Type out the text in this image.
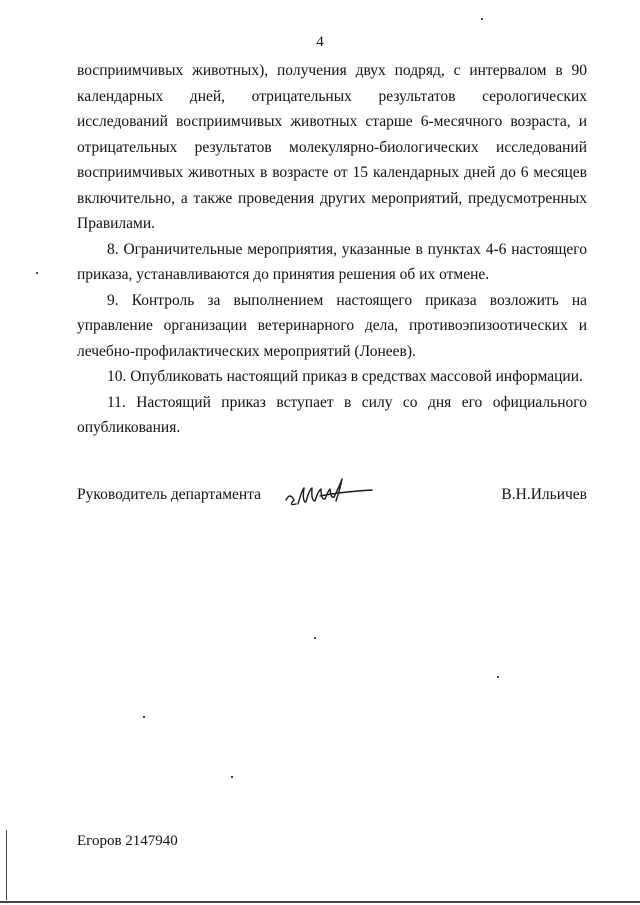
4

восприимчивых животных), получения двух подряд, с интервалом в 90 календарных дней, отрицательных результатов серологических исследований восприимчивых животных старше 6-месячного возраста, и отрицательных результатов молекулярно-биологических исследований восприимчивых животных в возрасте от 15 календарных дней до 6 месяцев включительно, а также проведения других мероприятий, предусмотренных Правилами.

8. Ограничительные мероприятия, указанные в пунктах 4-6 настоящего приказа, устанавливаются до принятия решения об их отмене.

9. Контроль за выполнением настоящего приказа возложить на управление организации ветеринарного дела, противоэпизоотических и лечебно-профилактических мероприятий (Лонеев).

10. Опубликовать настоящий приказ в средствах массовой информации.

11. Настоящий приказ вступает в силу со дня его официального опубликования.

Руководитель департамента	В.Н.Ильичев
Егоров 2147940
